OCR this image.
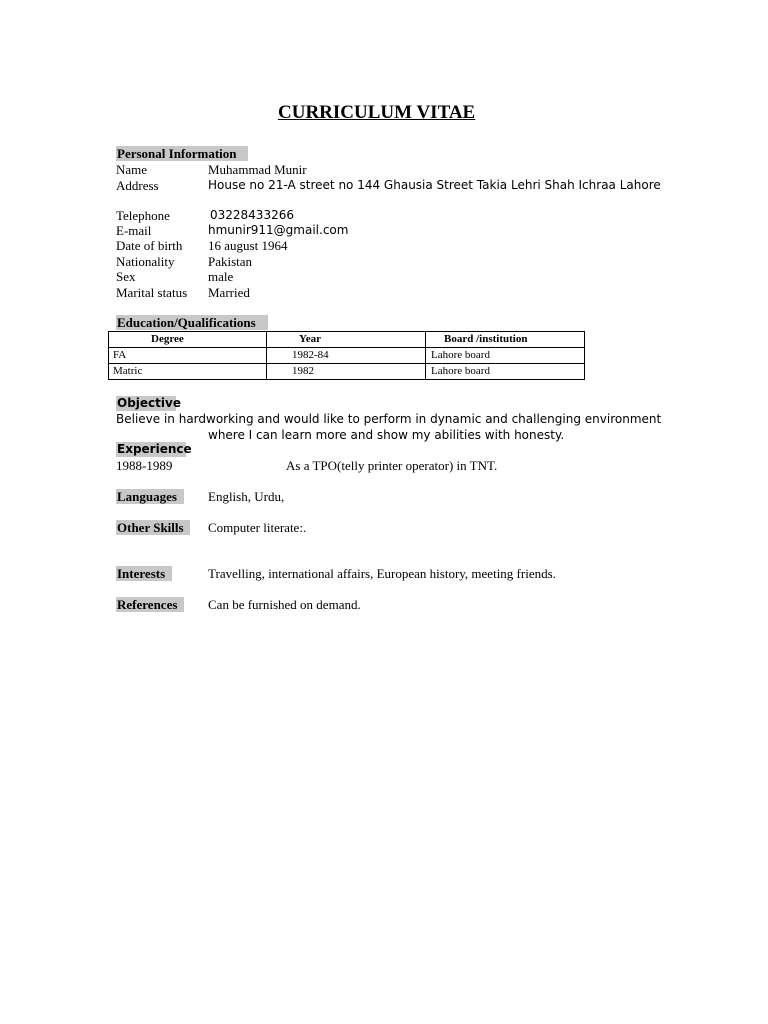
CURRICULUM VITAE
Personal Information
Name	Muhammad Munir
Address	House no 21-A street no 144 Ghausia Street Takia Lehri Shah Ichraa Lahore
Telephone	03228433266
E-mail	hmunir911@gmail.com
Date of birth 16 august 1964
Nationality	Pakistan
Sex	male
Marital status Married
Education/Qualifications
Degree	Year	Board /institution
FA	1982-84	Lahore board
Matric	1982	Lahore board
Objective
Believe in hardworking and would like to perform in dynamic and challenging environment
where I can learn more and show my abilities with honesty.
Experience
1988-1989	As a TPO(telly printer operator) in TNT.
Languages	English, Urdu,
Other Skills	Computer literate:.
Interests	Travelling, international affairs, European history, meeting friends.
References	Can be furnished on demand.
